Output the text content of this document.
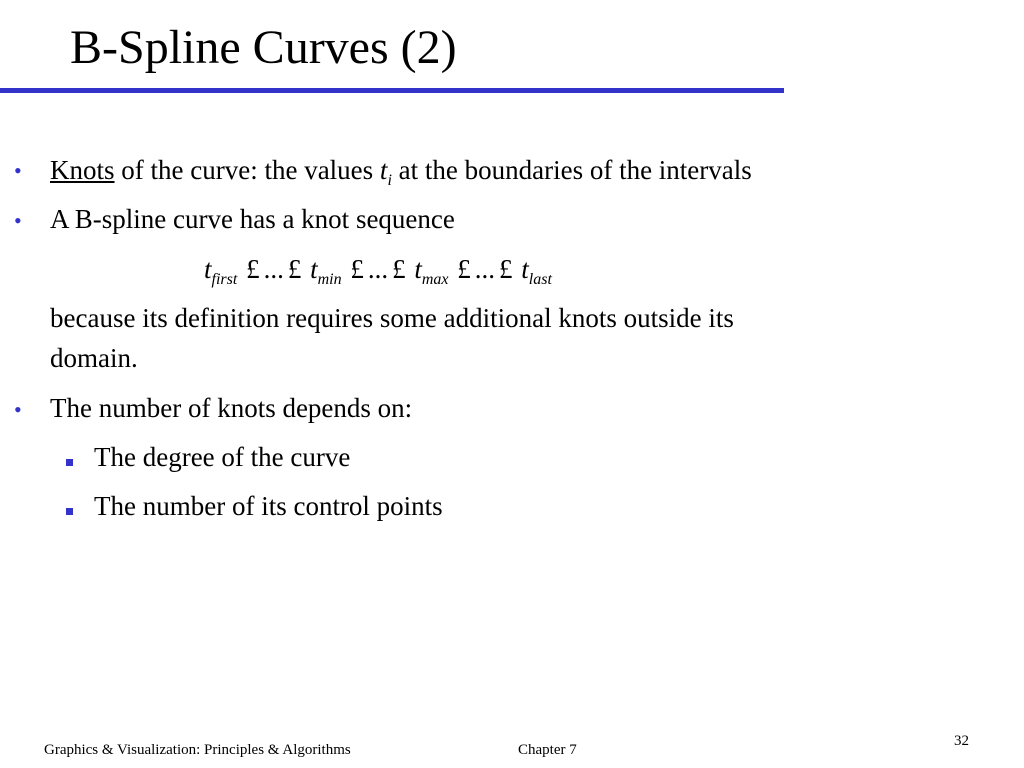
B-Spline Curves (2)
• Knots of the curve: the values $t_i$ at the boundaries of the intervals
• A B-spline curve has a knot sequence
$t_{first}$ £ ... £ $t_{min}$ £ ... £ $t_{max}$ £ ... £ $t_{last}$
because its definition requires some additional knots outside its
domain.
• The number of knots depends on:
The degree of the curve
The number of its control points
Graphics & Visualization: Principles & Algorithms	Chapter 7
32
